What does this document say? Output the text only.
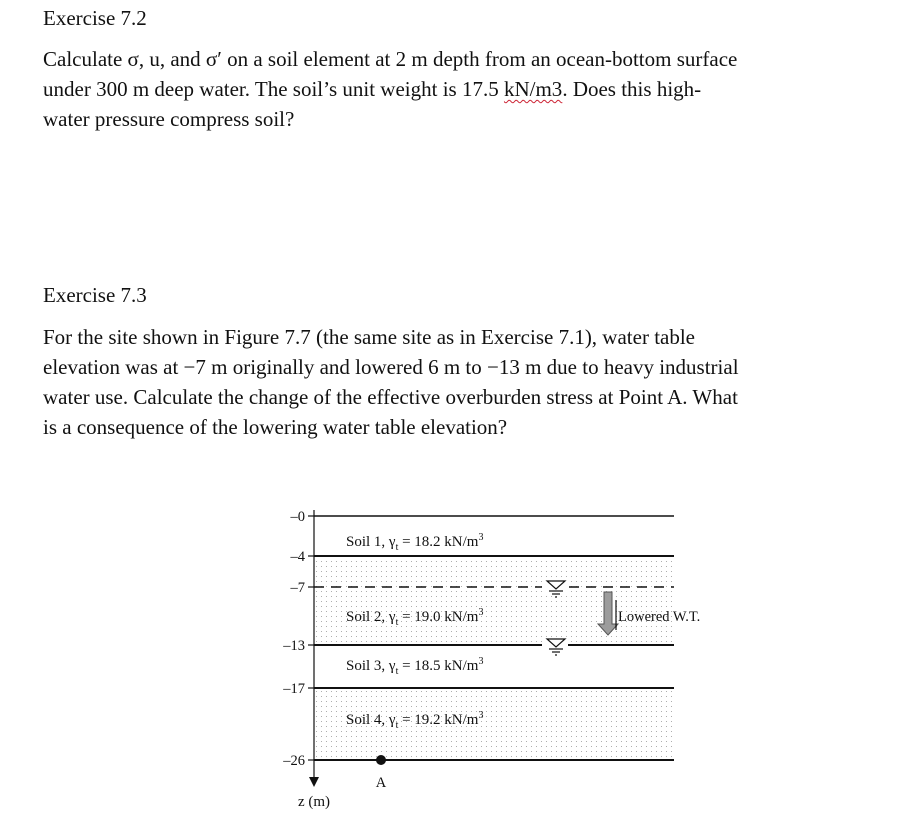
Exercise 7.2

Calculate σ, u, and σ′ on a soil element at 2 m depth from an ocean-bottom surface
under 300 m deep water. The soil’s unit weight is 17.5 kN/m3. Does this high-
water pressure compress soil?

Exercise 7.3

For the site shown in Figure 7.7 (the same site as in Exercise 7.1), water table
elevation was at −7 m originally and lowered 6 m to −13 m due to heavy industrial
water use. Calculate the change of the effective overburden stress at Point A. What
is a consequence of the lowering water table elevation?

–0
–4
–7
–13
–17
–26
z (m)
Soil 1, $\gamma_t = 18.2$ $kN/m^3$
Soil 2, $\gamma_t = 19.0$ $kN/m^3$
Soil 3, $\gamma_t = 18.5$ $kN/m^3$
Soil 4, $\gamma_t = 19.2$ $kN/m^3$
Lowered W.T.
A
